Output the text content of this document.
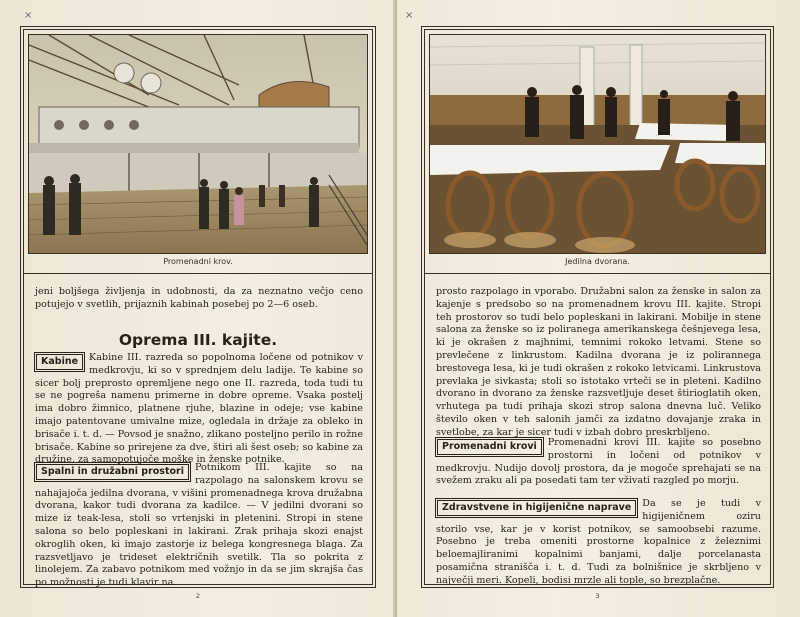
×
Promenadni krov.
jeni boljšega življenja in udobnosti, da za neznatno večjo ceno potujejo v svetlih, prijaznih kabinah posebej po 2—6 oseb.
Oprema III. kajite.
Kabine	Kabine III. razreda so popolnoma ločene od potnikov v medkrovju, ki so v sprednjem delu ladije. Te kabine so sicer bolj preprosto opremljene nego one II. razreda, toda tudi tu se ne pogreša namenu primerne in dobre opreme. Vsaka postelj ima dobro žimnico, platnene rjuhe, blazine in odeje; vse kabine imajo patentovane umivalne mize, ogledala in držaje za obleko in brisače i. t. d. — Povsod je snažno, zlikano posteljno perilo in rožne brisače. Kabine so prirejene za dve, štiri ali šest oseb; so kabine za družine, za samopotujoče moške in ženske potnike.
Spalni in družabni prostori	Potnikom III. kajite so na razpolago na salonskem krovu se nahajajoča jedilna dvorana, v višini promenadnega krova družabna dvorana, kakor tudi dvorana za kadilce. — V jedilni dvorani so mize iz teak-lesa, stoli so vrtenjski in pletenini. Stropi in stene salona so belo popleskani in lakirani. Zrak prihaja skozi enajst okroglih oken, ki imajo zastorje iz belega kongresnega blaga. Za razsvetljavo je trideset električnih svetilk. Tla so pokrita z linolejem. Za zabavo potnikom med vožnjo in da se jim skrajša čas po možnosti je tudi klavir na
2
×
Jedilna dvorana.
prosto razpolago in vporabo. Družabni salon za ženske in salon za kajenje s predsobo so na promenadnem krovu III. kajite. Stropi teh prostorov so tudi belo popleskani in lakirani. Mobilje in stene salona za ženske so iz poliranega amerikanskega češnjevega lesa, ki je okrašen z majhnimi, temnimi rokoko letvami. Stene so prevlečene z linkrustom. Kadilna dvorana je iz polirannega brestovega lesa, ki je tudi okrašen z rokoko letvicami. Linkrustova prevlaka je sivkasta; stoli so istotako vrteči se in pleteni. Kadilno dvorano in dvorano za ženske razsvetljuje deset štirioglatih oken, vrhutega pa tudi prihaja skozi strop salona dnevna luč. Veliko število oken v teh salonih jamči za izdatno dovajanje zraka in svetlobe, za kar je sicer tudi v izbah dobro preskrbljeno.
Promenadni krovi	Promenadni krovi III. kajite so posebno prostorni in ločeni od potnikov v medkrovju. Nudijo dovolj prostora, da je mogoče sprehajati se na svežem zraku ali pa posedati tam ter vživati razgled po morju.
Zdravstvene in higijenične naprave	Da se je tudi v higijeničnem oziru storilo vse, kar je v korist potnikov, se samoobsebi razume. Posebno je treba omeniti prostorne kopalnice z železnimi beloemajliranimi kopalnimi banjami, dalje porcelanasta posamična stranišča i. t. d. Tudi za bolnišnice je skrbljeno v največji meri. Kopeli, bodisi mrzle ali tople, so brezplačne.
3
